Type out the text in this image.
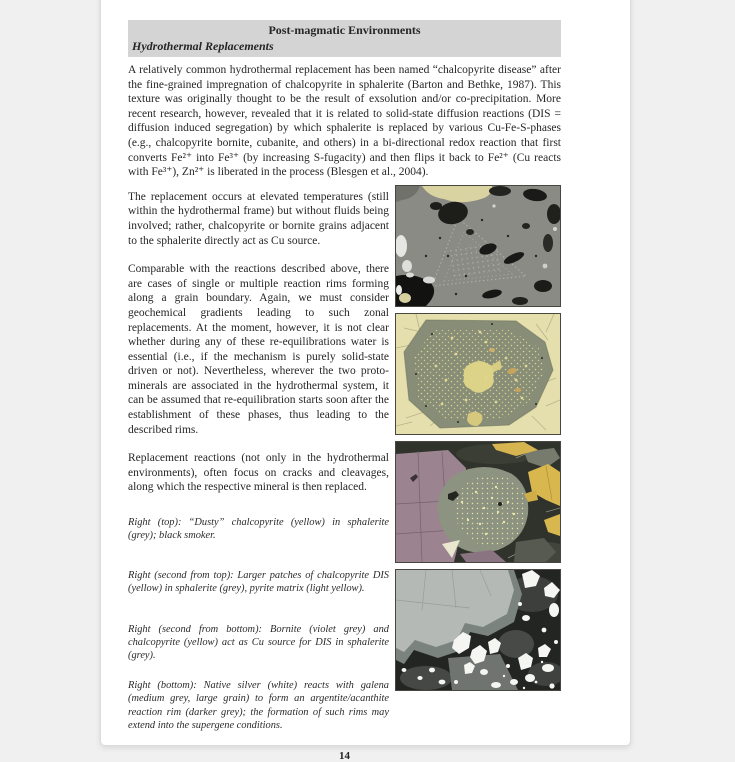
Post-magmatic Environments
Hydrothermal Replacements

A relatively common hydrothermal replacement has been named “chalcopyrite disease” after the fine-grained impregnation of chalcopyrite in sphalerite (Barton and Bethke, 1987). This texture was originally thought to be the result of exsolution and/or co-precipitation. More recent research, however, revealed that it is related to solid-state diffusion reactions (DIS = diffusion induced segregation) by which sphalerite is replaced by various Cu-Fe-S-phases (e.g., chalcopyrite bornite, cubanite, and others) in a bi-directional redox reaction that first converts Fe²⁺ into Fe³⁺ (by increasing S-fugacity) and then flips it back to Fe²⁺ (Cu reacts with Fe³⁺), Zn²⁺ is liberated in the process (Blesgen et al., 2004).

The replacement occurs at elevated temperatures (still within the hydrothermal frame) but without fluids being involved; rather, chalcopyrite or bornite grains adjacent to the sphalerite directly act as Cu source.

Comparable with the reactions described above, there are cases of single or multiple reaction rims forming along a grain boundary. Again, we must consider geochemical gradients leading to such zonal replacements. At the moment, however, it is not clear whether during any of these re-equilibrations water is essential (i.e., if the mechanism is purely solid-state driven or not). Nevertheless, wherever the two proto-minerals are associated in the hydrothermal system, it can be assumed that re-equilibration starts soon after the establishment of these phases, thus leading to the described rims.

Replacement reactions (not only in the hydrothermal environments), often focus on cracks and cleavages, along which the respective mineral is then replaced.

Right (top): “Dusty” chalcopyrite (yellow) in sphalerite (grey); black smoker.

Right (second from top): Larger patches of chalcopyrite DIS (yellow) in sphalerite (grey), pyrite matrix (light yellow).

Right (second from bottom): Bornite (violet grey) and chalcopyrite (yellow) act as Cu source for DIS in sphalerite (grey).

Right (bottom): Native silver (white) reacts with galena (medium grey, large grain) to form an argentite/acanthite reaction rim (darker grey); the formation of such rims may extend into the supergene conditions.

14
